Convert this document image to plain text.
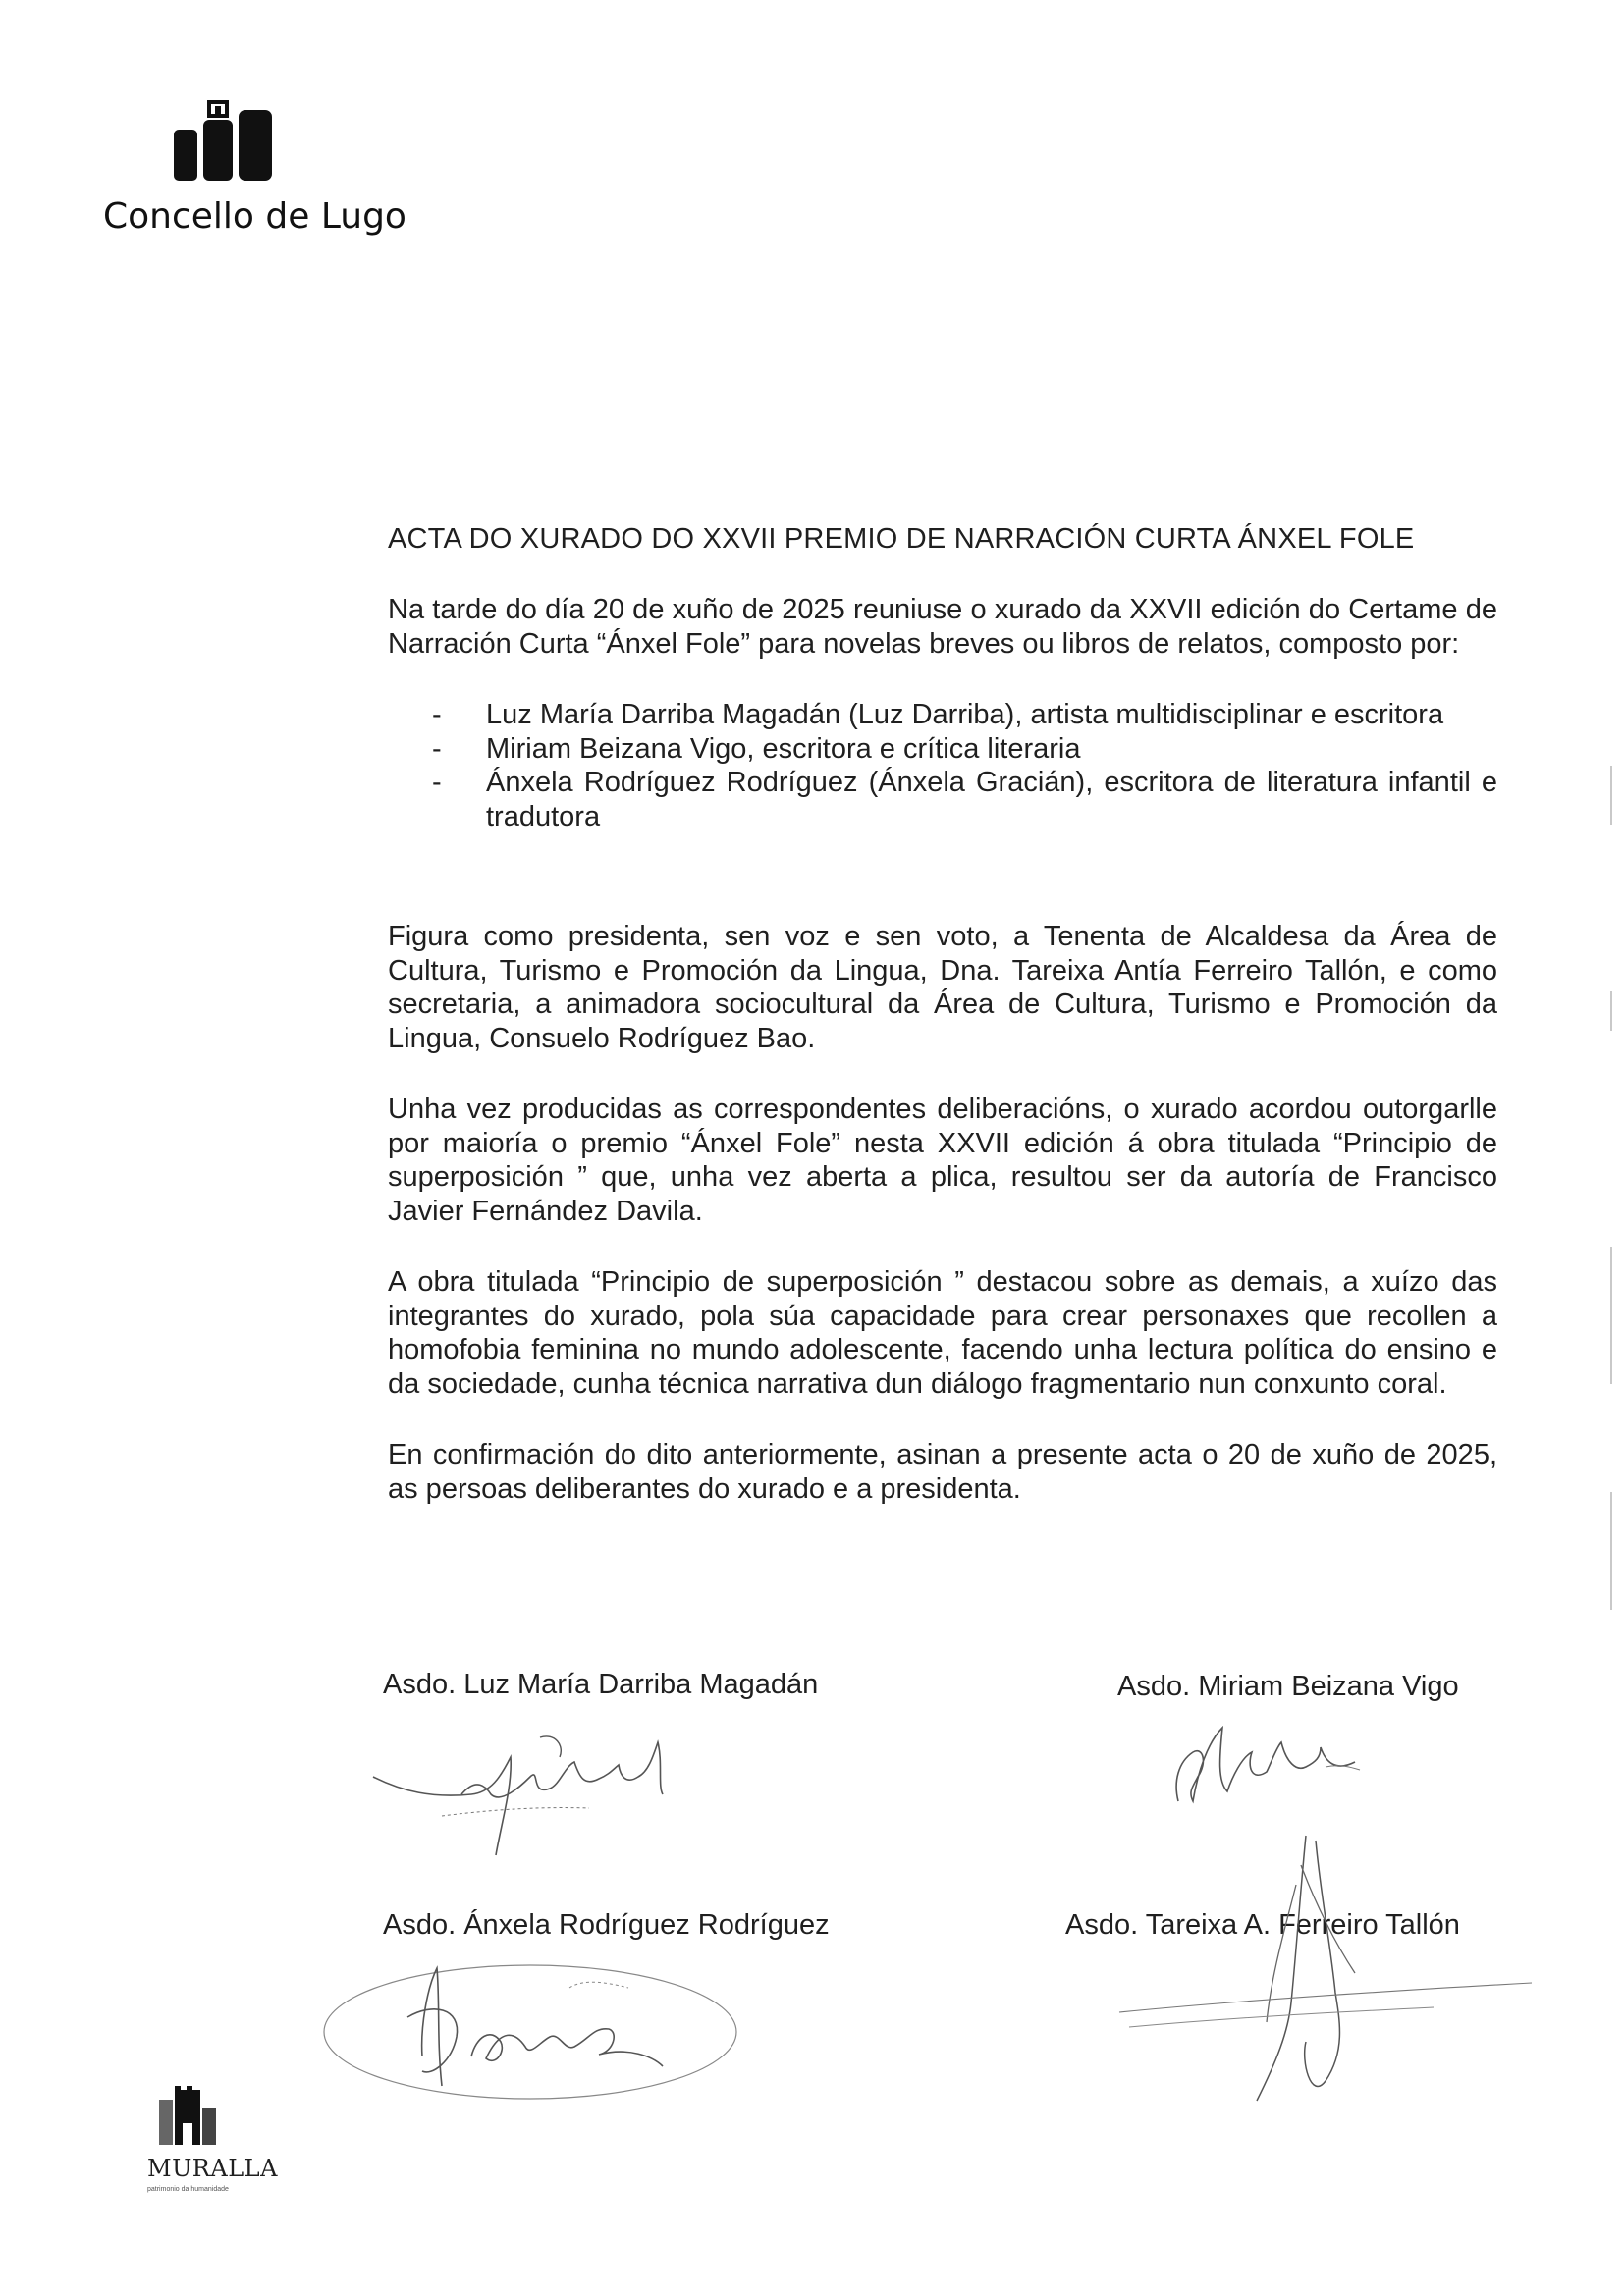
Concello de Lugo
ACTA DO XURADO DO XXVII PREMIO DE NARRACIÓN CURTA ÁNXEL FOLE

Na tarde do día 20 de xuño de 2025 reuniuse o xurado da XXVII edición do Certame de Narración Curta “Ánxel Fole” para novelas breves ou libros de relatos, composto por:

- Luz María Darriba Magadán (Luz Darriba), artista multidisciplinar e escritora
- Miriam Beizana Vigo, escritora e crítica literaria
- Ánxela Rodríguez Rodríguez (Ánxela Gracián), escritora de literatura infantil e tradutora

Figura como presidenta, sen voz e sen voto, a Tenenta de Alcaldesa da Área de Cultura, Turismo e Promoción da Lingua, Dna. Tareixa Antía Ferreiro Tallón, e como secretaria, a animadora sociocultural da Área de Cultura, Turismo e Promoción da Lingua, Consuelo Rodríguez Bao.

Unha vez producidas as correspondentes deliberacións, o xurado acordou outorgarlle por maioría o premio “Ánxel Fole” nesta XXVII edición á obra titulada “Principio de superposición ” que, unha vez aberta a plica, resultou ser da autoría de Francisco Javier Fernández Davila.

A obra titulada “Principio de superposición ” destacou sobre as demais, a xuízo das integrantes do xurado, pola súa capacidade para crear personaxes que recollen a homofobia feminina no mundo adolescente, facendo unha lectura política do ensino e da sociedade, cunha técnica narrativa dun diálogo fragmentario nun conxunto coral.

En confirmación do dito anteriormente, asinan a presente acta o 20 de xuño de 2025, as persoas deliberantes do xurado e a presidenta.

Asdo. Luz María Darriba Magadán	Asdo. Miriam Beizana Vigo
Asdo. Ánxela Rodríguez Rodríguez	Asdo. Tareixa A. Ferreiro Tallón
MURALLA
patrimonio da humanidade
